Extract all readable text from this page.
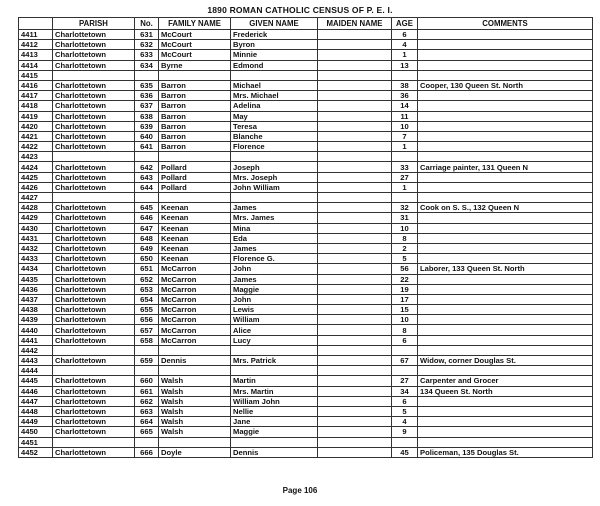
1890 ROMAN CATHOLIC CENSUS OF P. E. I.
	PARISH	No.	FAMILY NAME	GIVEN NAME	MAIDEN NAME	AGE	COMMENTS
4411	Charlottetown	631	McCourt	Frederick		6	
4412	Charlottetown	632	McCourt	Byron		4	
4413	Charlottetown	633	McCourt	Minnie		1	
4414	Charlottetown	634	Byrne	Edmond		13	
4415							
4416	Charlottetown	635	Barron	Michael		38	Cooper, 130 Queen St. North
4417	Charlottetown	636	Barron	Mrs. Michael		36	
4418	Charlottetown	637	Barron	Adelina		14	
4419	Charlottetown	638	Barron	May		11	
4420	Charlottetown	639	Barron	Teresa		10	
4421	Charlottetown	640	Barron	Blanche		7	
4422	Charlottetown	641	Barron	Florence		1	
4423							
4424	Charlottetown	642	Pollard	Joseph		33	Carriage painter, 131 Queen N
4425	Charlottetown	643	Pollard	Mrs. Joseph		27	
4426	Charlottetown	644	Pollard	John William		1	
4427							
4428	Charlottetown	645	Keenan	James		32	Cook on S. S., 132 Queen N
4429	Charlottetown	646	Keenan	Mrs. James		31	
4430	Charlottetown	647	Keenan	Mina		10	
4431	Charlottetown	648	Keenan	Eda		8	
4432	Charlottetown	649	Keenan	James		2	
4433	Charlottetown	650	Keenan	Florence G.		5	
4434	Charlottetown	651	McCarron	John		56	Laborer, 133 Queen St. North
4435	Charlottetown	652	McCarron	James		22	
4436	Charlottetown	653	McCarron	Maggie		19	
4437	Charlottetown	654	McCarron	John		17	
4438	Charlottetown	655	McCarron	Lewis		15	
4439	Charlottetown	656	McCarron	William		10	
4440	Charlottetown	657	McCarron	Alice		8	
4441	Charlottetown	658	McCarron	Lucy		6	
4442							
4443	Charlottetown	659	Dennis	Mrs. Patrick		67	Widow, corner Douglas St.
4444							
4445	Charlottetown	660	Walsh	Martin		27	Carpenter and Grocer
4446	Charlottetown	661	Walsh	Mrs. Martin		34	134 Queen St. North
4447	Charlottetown	662	Walsh	William John		6	
4448	Charlottetown	663	Walsh	Nellie		5	
4449	Charlottetown	664	Walsh	Jane		4	
4450	Charlottetown	665	Walsh	Maggie		9	
4451							
4452	Charlottetown	666	Doyle	Dennis		45	Policeman, 135 Douglas St.
Page 106
